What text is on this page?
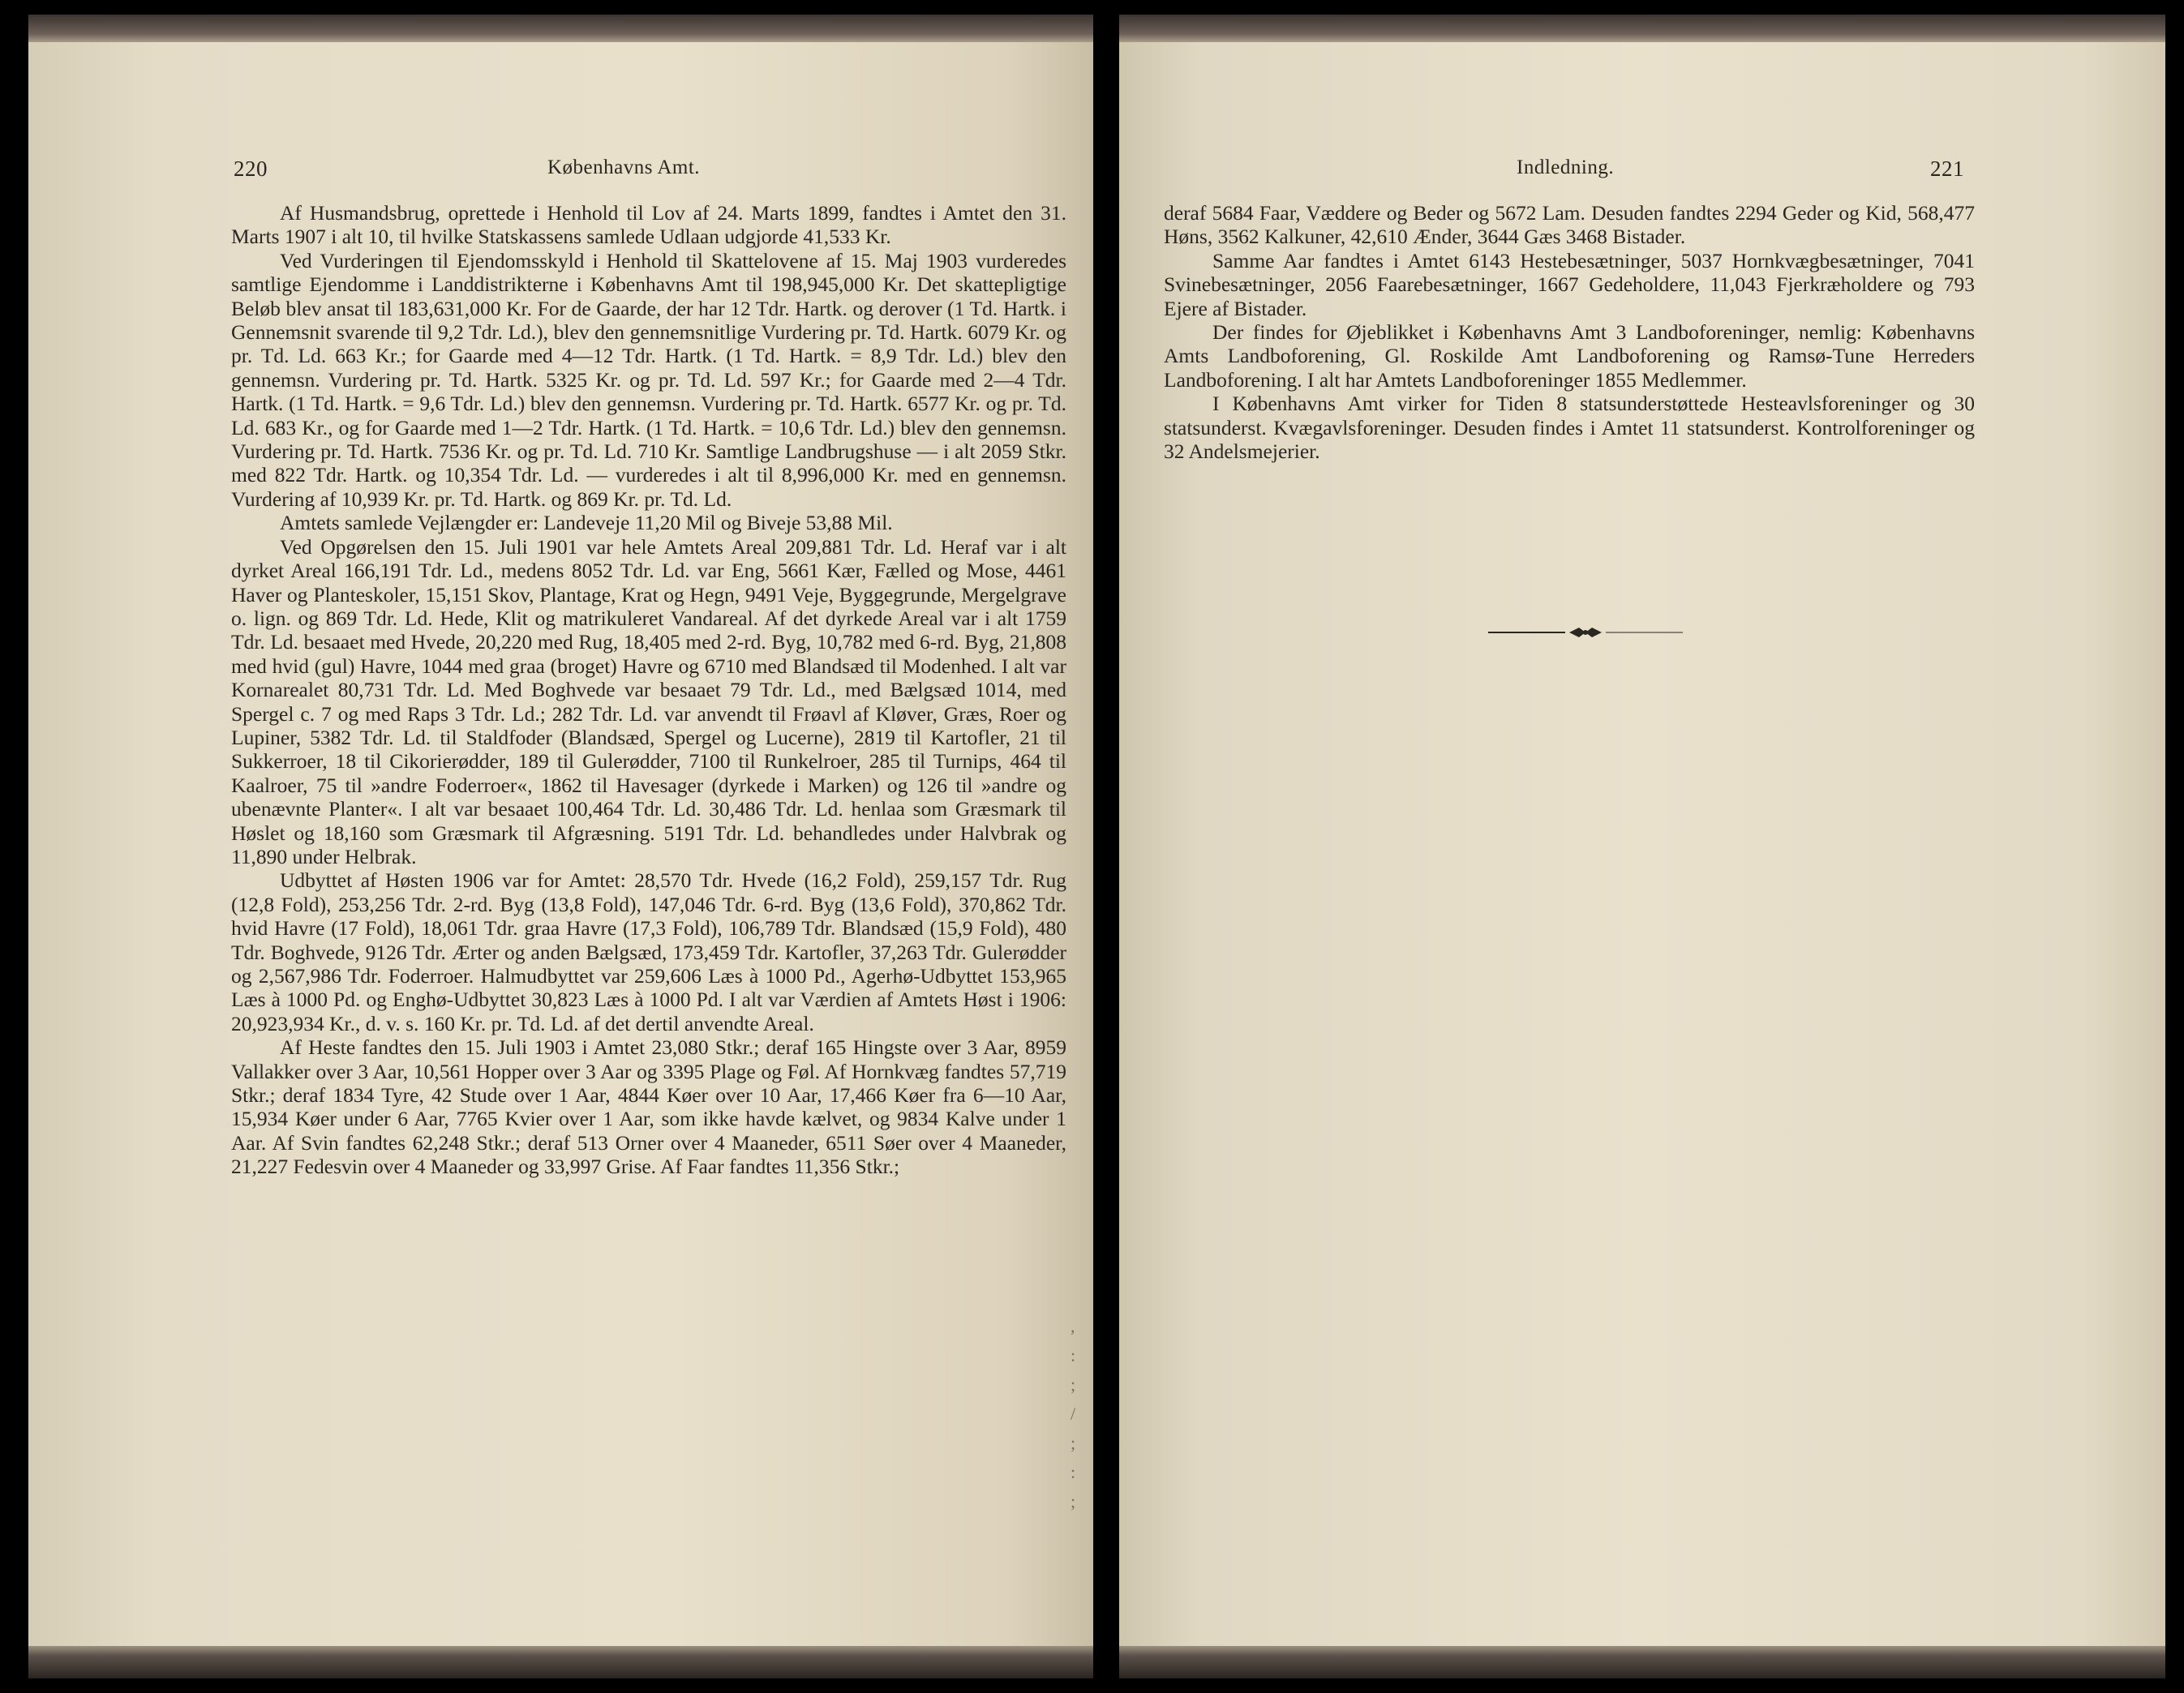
220	Københavns Amt.

Af Husmandsbrug, oprettede i Henhold til Lov af 24. Marts 1899, fandtes i Amtet den 31. Marts 1907 i alt 10, til hvilke Statskassens samlede Udlaan udgjorde 41,533 Kr.

Ved Vurderingen til Ejendomsskyld i Henhold til Skattelovene af 15. Maj 1903 vurderedes samtlige Ejendomme i Landdistrikterne i Københavns Amt til 198,945,000 Kr. Det skattepligtige Beløb blev ansat til 183,631,000 Kr. For de Gaarde, der har 12 Tdr. Hartk. og derover (1 Td. Hartk. i Gennemsnit svarende til 9,2 Tdr. Ld.), blev den gennemsnitlige Vurdering pr. Td. Hartk. 6079 Kr. og pr. Td. Ld. 663 Kr.; for Gaarde med 4—12 Tdr. Hartk. (1 Td. Hartk. = 8,9 Tdr. Ld.) blev den gennemsn. Vurdering pr. Td. Hartk. 5325 Kr. og pr. Td. Ld. 597 Kr.; for Gaarde med 2—4 Tdr. Hartk. (1 Td. Hartk. = 9,6 Tdr. Ld.) blev den gennemsn. Vurdering pr. Td. Hartk. 6577 Kr. og pr. Td. Ld. 683 Kr., og for Gaarde med 1—2 Tdr. Hartk. (1 Td. Hartk. = 10,6 Tdr. Ld.) blev den gennemsn. Vurdering pr. Td. Hartk. 7536 Kr. og pr. Td. Ld. 710 Kr. Samtlige Landbrugshuse — i alt 2059 Stkr. med 822 Tdr. Hartk. og 10,354 Tdr. Ld. — vurderedes i alt til 8,996,000 Kr. med en gennemsn. Vurdering af 10,939 Kr. pr. Td. Hartk. og 869 Kr. pr. Td. Ld.

Amtets samlede Vejlængder er: Landeveje 11,20 Mil og Biveje 53,88 Mil.

Ved Opgørelsen den 15. Juli 1901 var hele Amtets Areal 209,881 Tdr. Ld. Heraf var i alt dyrket Areal 166,191 Tdr. Ld., medens 8052 Tdr. Ld. var Eng, 5661 Kær, Fælled og Mose, 4461 Haver og Planteskoler, 15,151 Skov, Plantage, Krat og Hegn, 9491 Veje, Byggegrunde, Mergelgrave o. lign. og 869 Tdr. Ld. Hede, Klit og matrikuleret Vandareal. Af det dyrkede Areal var i alt 1759 Tdr. Ld. besaaet med Hvede, 20,220 med Rug, 18,405 med 2-rd. Byg, 10,782 med 6-rd. Byg, 21,808 med hvid (gul) Havre, 1044 med graa (broget) Havre og 6710 med Blandsæd til Modenhed. I alt var Kornarealet 80,731 Tdr. Ld. Med Boghvede var besaaet 79 Tdr. Ld., med Bælgsæd 1014, med Spergel c. 7 og med Raps 3 Tdr. Ld.; 282 Tdr. Ld. var anvendt til Frøavl af Kløver, Græs, Roer og Lupiner, 5382 Tdr. Ld. til Staldfoder (Blandsæd, Spergel og Lucerne), 2819 til Kartofler, 21 til Sukkerroer, 18 til Cikorierødder, 189 til Gulerødder, 7100 til Runkelroer, 285 til Turnips, 464 til Kaalroer, 75 til »andre Foderroer«, 1862 til Havesager (dyrkede i Marken) og 126 til »andre og ubenævnte Planter«. I alt var besaaet 100,464 Tdr. Ld. 30,486 Tdr. Ld. henlaa som Græsmark til Høslet og 18,160 som Græsmark til Afgræsning. 5191 Tdr. Ld. behandledes under Halvbrak og 11,890 under Helbrak.

Udbyttet af Høsten 1906 var for Amtet: 28,570 Tdr. Hvede (16,2 Fold), 259,157 Tdr. Rug (12,8 Fold), 253,256 Tdr. 2-rd. Byg (13,8 Fold), 147,046 Tdr. 6-rd. Byg (13,6 Fold), 370,862 Tdr. hvid Havre (17 Fold), 18,061 Tdr. graa Havre (17,3 Fold), 106,789 Tdr. Blandsæd (15,9 Fold), 480 Tdr. Boghvede, 9126 Tdr. Ærter og anden Bælgsæd, 173,459 Tdr. Kartofler, 37,263 Tdr. Gulerødder og 2,567,986 Tdr. Foderroer. Halmudbyttet var 259,606 Læs à 1000 Pd., Agerhø-Udbyttet 153,965 Læs à 1000 Pd. og Enghø-Udbyttet 30,823 Læs à 1000 Pd. I alt var Værdien af Amtets Høst i 1906: 20,923,934 Kr., d. v. s. 160 Kr. pr. Td. Ld. af det dertil anvendte Areal.

Af Heste fandtes den 15. Juli 1903 i Amtet 23,080 Stkr.; deraf 165 Hingste over 3 Aar, 8959 Vallakker over 3 Aar, 10,561 Hopper over 3 Aar og 3395 Plage og Føl. Af Hornkvæg fandtes 57,719 Stkr.; deraf 1834 Tyre, 42 Stude over 1 Aar, 4844 Køer over 10 Aar, 17,466 Køer fra 6—10 Aar, 15,934 Køer under 6 Aar, 7765 Kvier over 1 Aar, som ikke havde kælvet, og 9834 Kalve under 1 Aar. Af Svin fandtes 62,248 Stkr.; deraf 513 Orner over 4 Maaneder, 6511 Søer over 4 Maaneder, 21,227 Fedesvin over 4 Maaneder og 33,997 Grise. Af Faar fandtes 11,356 Stkr.;

,
:
;
/
;
:
;
Indledning.	221

deraf 5684 Faar, Væddere og Beder og 5672 Lam. Desuden fandtes 2294 Geder og Kid, 568,477 Høns, 3562 Kalkuner, 42,610 Ænder, 3644 Gæs 3468 Bistader.

Samme Aar fandtes i Amtet 6143 Hestebesætninger, 5037 Hornkvægbesætninger, 7041 Svinebesætninger, 2056 Faarebesætninger, 1667 Gedeholdere, 11,043 Fjerkræholdere og 793 Ejere af Bistader.

Der findes for Øjeblikket i Københavns Amt 3 Landboforeninger, nemlig: Københavns Amts Landboforening, Gl. Roskilde Amt Landboforening og Ramsø-Tune Herreders Landboforening. I alt har Amtets Landboforeninger 1855 Medlemmer.

I Københavns Amt virker for Tiden 8 statsunderstøttede Hesteavlsforeninger og 30 statsunderst. Kvægavlsforeninger. Desuden findes i Amtet 11 statsunderst. Kontrolforeninger og 32 Andelsmejerier.
